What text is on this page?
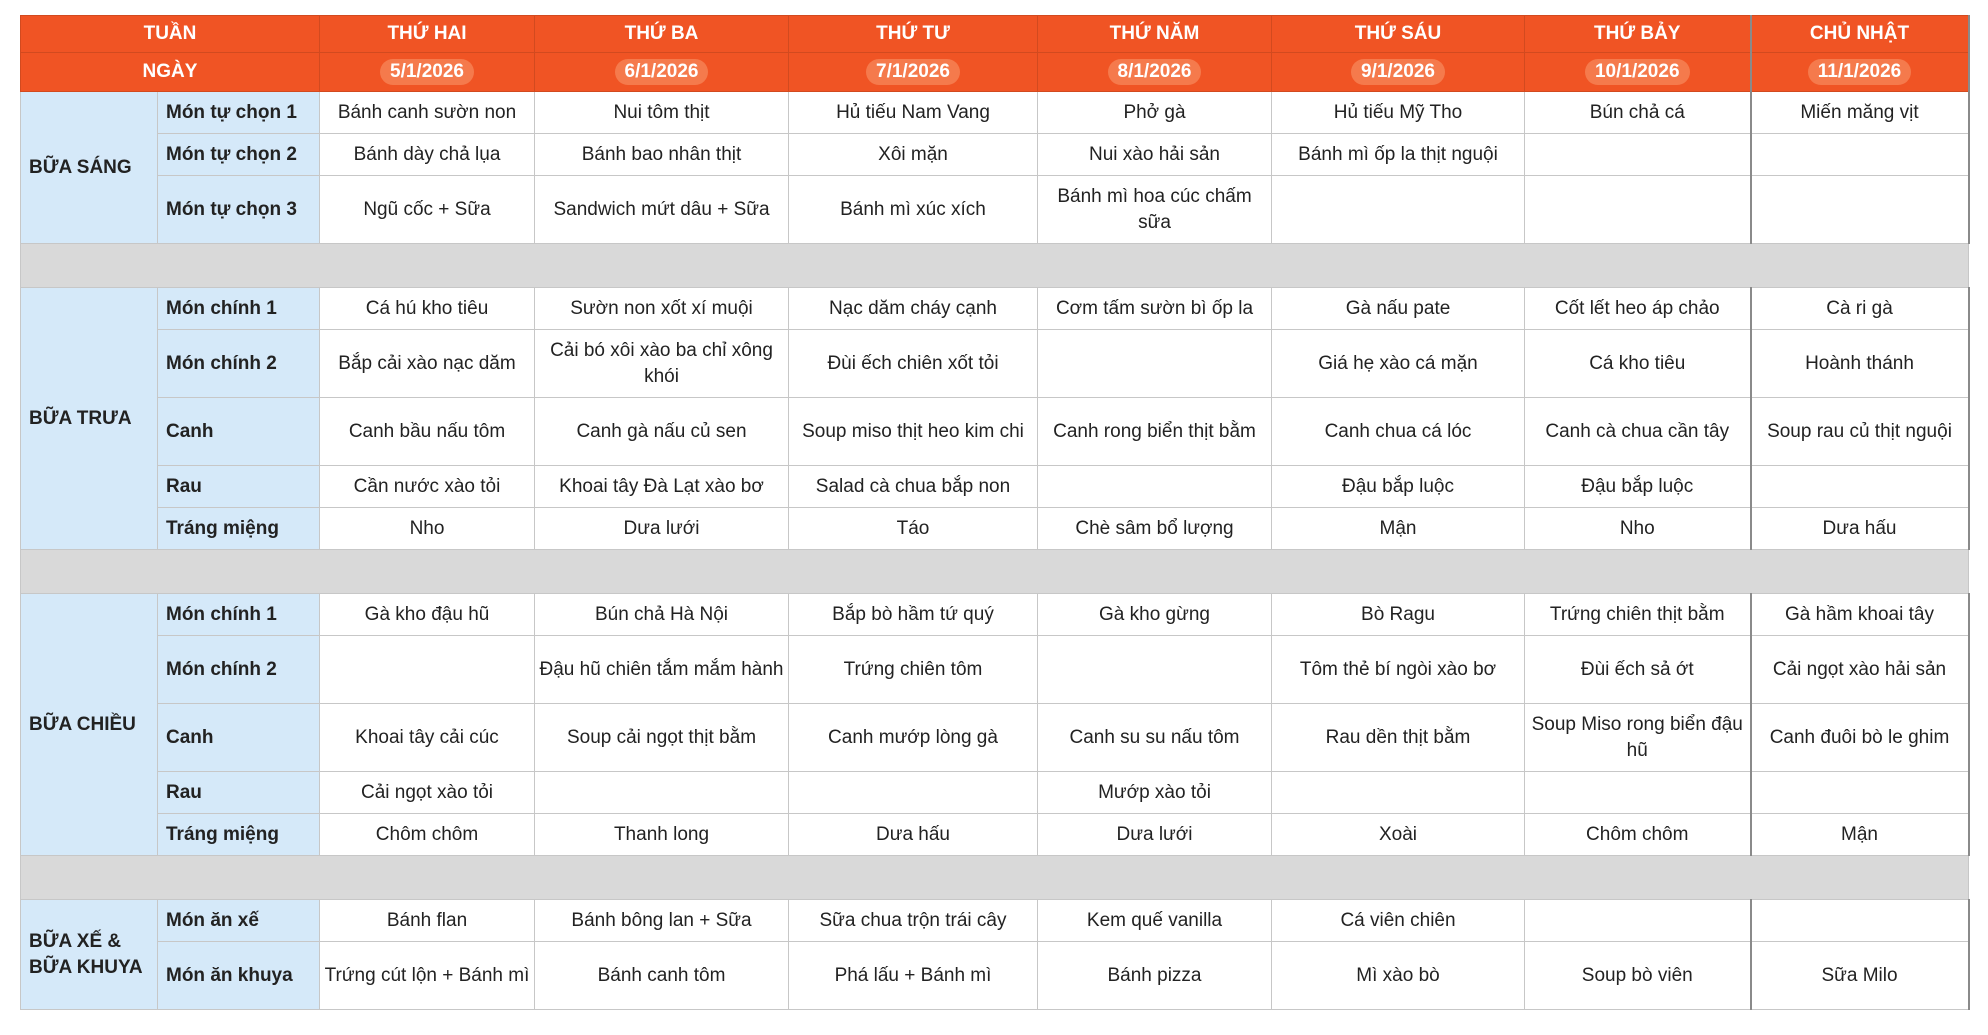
TUẦN		THỨ HAI	THỨ BA	THỨ TƯ	THỨ NĂM	THỨ SÁU	THỨ BẢY	CHỦ NHẬT
NGÀY		5/1/2026	6/1/2026	7/1/2026	8/1/2026	9/1/2026	10/1/2026	11/1/2026
BỮA SÁNG	Món tự chọn 1	Bánh canh sườn non	Nui tôm thịt	Hủ tiếu Nam Vang	Phở gà	Hủ tiếu Mỹ Tho	Bún chả cá	Miến măng vịt
	Món tự chọn 2	Bánh dày chả lụa	Bánh bao nhân thịt	Xôi mặn	Nui xào hải sản	Bánh mì ốp la thịt nguội		
	Món tự chọn 3	Ngũ cốc + Sữa	Sandwich mứt dâu + Sữa	Bánh mì xúc xích	Bánh mì hoa cúc chấm sữa			

BỮA TRƯA	Món chính 1	Cá hú kho tiêu	Sườn non xốt xí muội	Nạc dăm cháy cạnh	Cơm tấm sườn bì ốp la	Gà nấu pate	Cốt lết heo áp chảo	Cà ri gà
	Món chính 2	Bắp cải xào nạc dăm	Cải bó xôi xào ba chỉ xông khói	Đùi ếch chiên xốt tỏi		Giá hẹ xào cá mặn	Cá kho tiêu	Hoành thánh
	Canh	Canh bầu nấu tôm	Canh gà nấu củ sen	Soup miso thịt heo kim chi	Canh rong biển thịt bằm	Canh chua cá lóc	Canh cà chua cần tây	Soup rau củ thịt nguội
	Rau	Cần nước xào tỏi	Khoai tây Đà Lạt xào bơ	Salad cà chua bắp non		Đậu bắp luộc	Đậu bắp luộc	
	Tráng miệng	Nho	Dưa lưới	Táo	Chè sâm bổ lượng	Mận	Nho	Dưa hấu

BỮA CHIỀU	Món chính 1	Gà kho đậu hũ	Bún chả Hà Nội	Bắp bò hầm tứ quý	Gà kho gừng	Bò Ragu	Trứng chiên thịt bằm	Gà hầm khoai tây
	Món chính 2		Đậu hũ chiên tắm mắm hành	Trứng chiên tôm		Tôm thẻ bí ngòi xào bơ	Đùi ếch sả ớt	Cải ngọt xào hải sản
	Canh	Khoai tây cải cúc	Soup cải ngọt thịt bằm	Canh mướp lòng gà	Canh su su nấu tôm	Rau dền thịt bằm	Soup Miso rong biển đậu hũ	Canh đuôi bò le ghim
	Rau	Cải ngọt xào tỏi			Mướp xào tỏi			
	Tráng miệng	Chôm chôm	Thanh long	Dưa hấu	Dưa lưới	Xoài	Chôm chôm	Mận

BỮA XẾ & BỮA KHUYA	Món ăn xế	Bánh flan	Bánh bông lan + Sữa	Sữa chua trộn trái cây	Kem quế vanilla	Cá viên chiên		
	Món ăn khuya	Trứng cút lộn + Bánh mì	Bánh canh tôm	Phá lấu + Bánh mì	Bánh pizza	Mì xào bò	Soup bò viên	Sữa Milo
